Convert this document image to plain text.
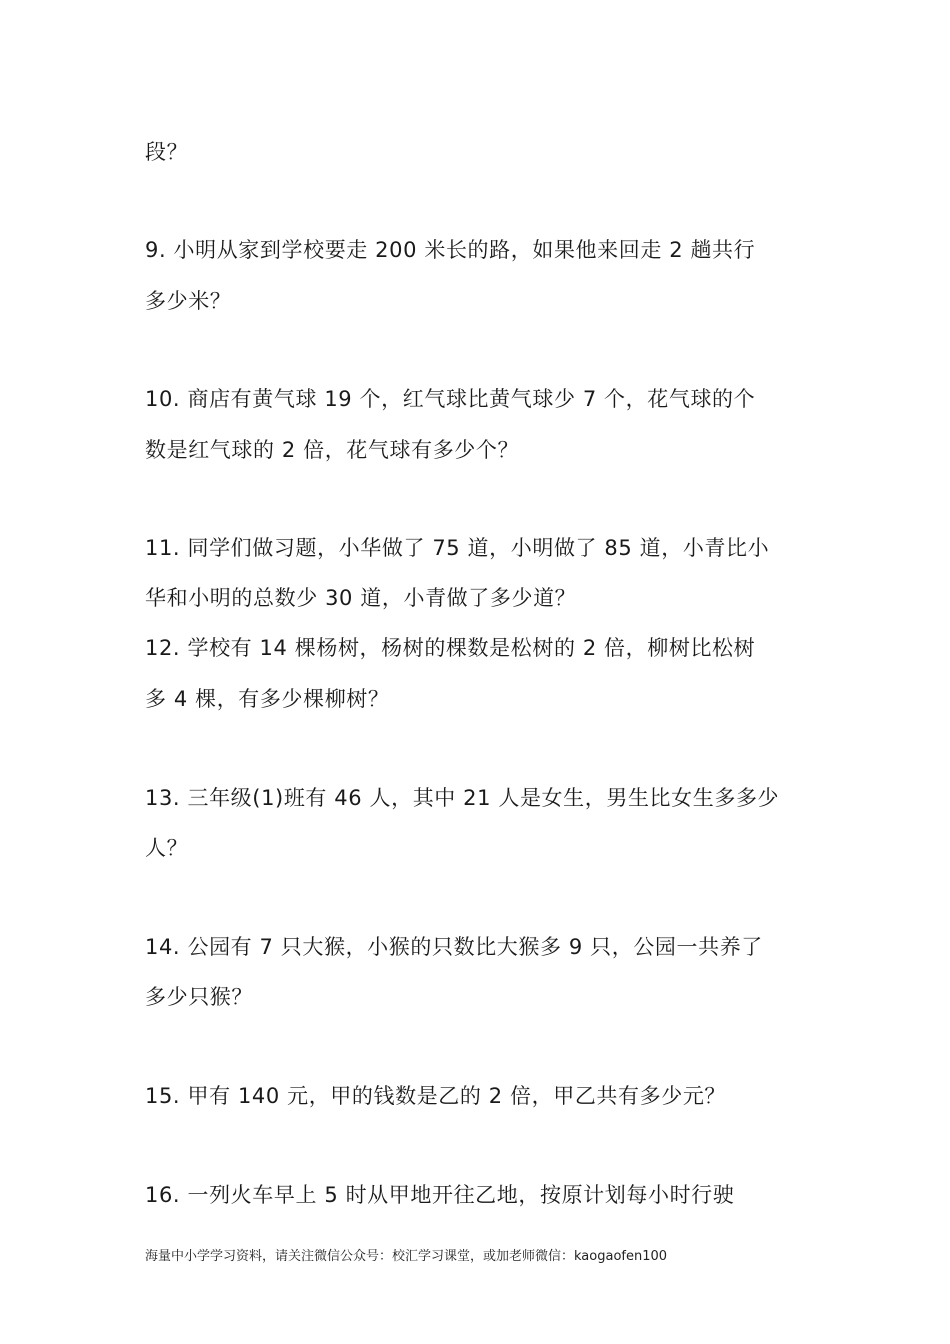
段？
9. 小明从家到学校要走 200 米长的路，如果他来回走 2 趟共行
多少米？
10. 商店有黄气球 19 个，红气球比黄气球少 7 个，花气球的个
数是红气球的 2 倍，花气球有多少个？
11. 同学们做习题，小华做了 75 道，小明做了 85 道，小青比小
华和小明的总数少 30 道，小青做了多少道？
12. 学校有 14 棵杨树，杨树的棵数是松树的 2 倍，柳树比松树
多 4 棵，有多少棵柳树？
13. 三年级(1)班有 46 人，其中 21 人是女生，男生比女生多多少
人？
14. 公园有 7 只大猴，小猴的只数比大猴多 9 只，公园一共养了
多少只猴？
15. 甲有 140 元，甲的钱数是乙的 2 倍，甲乙共有多少元？
16. 一列火车早上 5 时从甲地开往乙地，按原计划每小时行驶
海量中小学学习资料，请关注微信公众号：校汇学习课堂，或加老师微信：kaogaofen100
